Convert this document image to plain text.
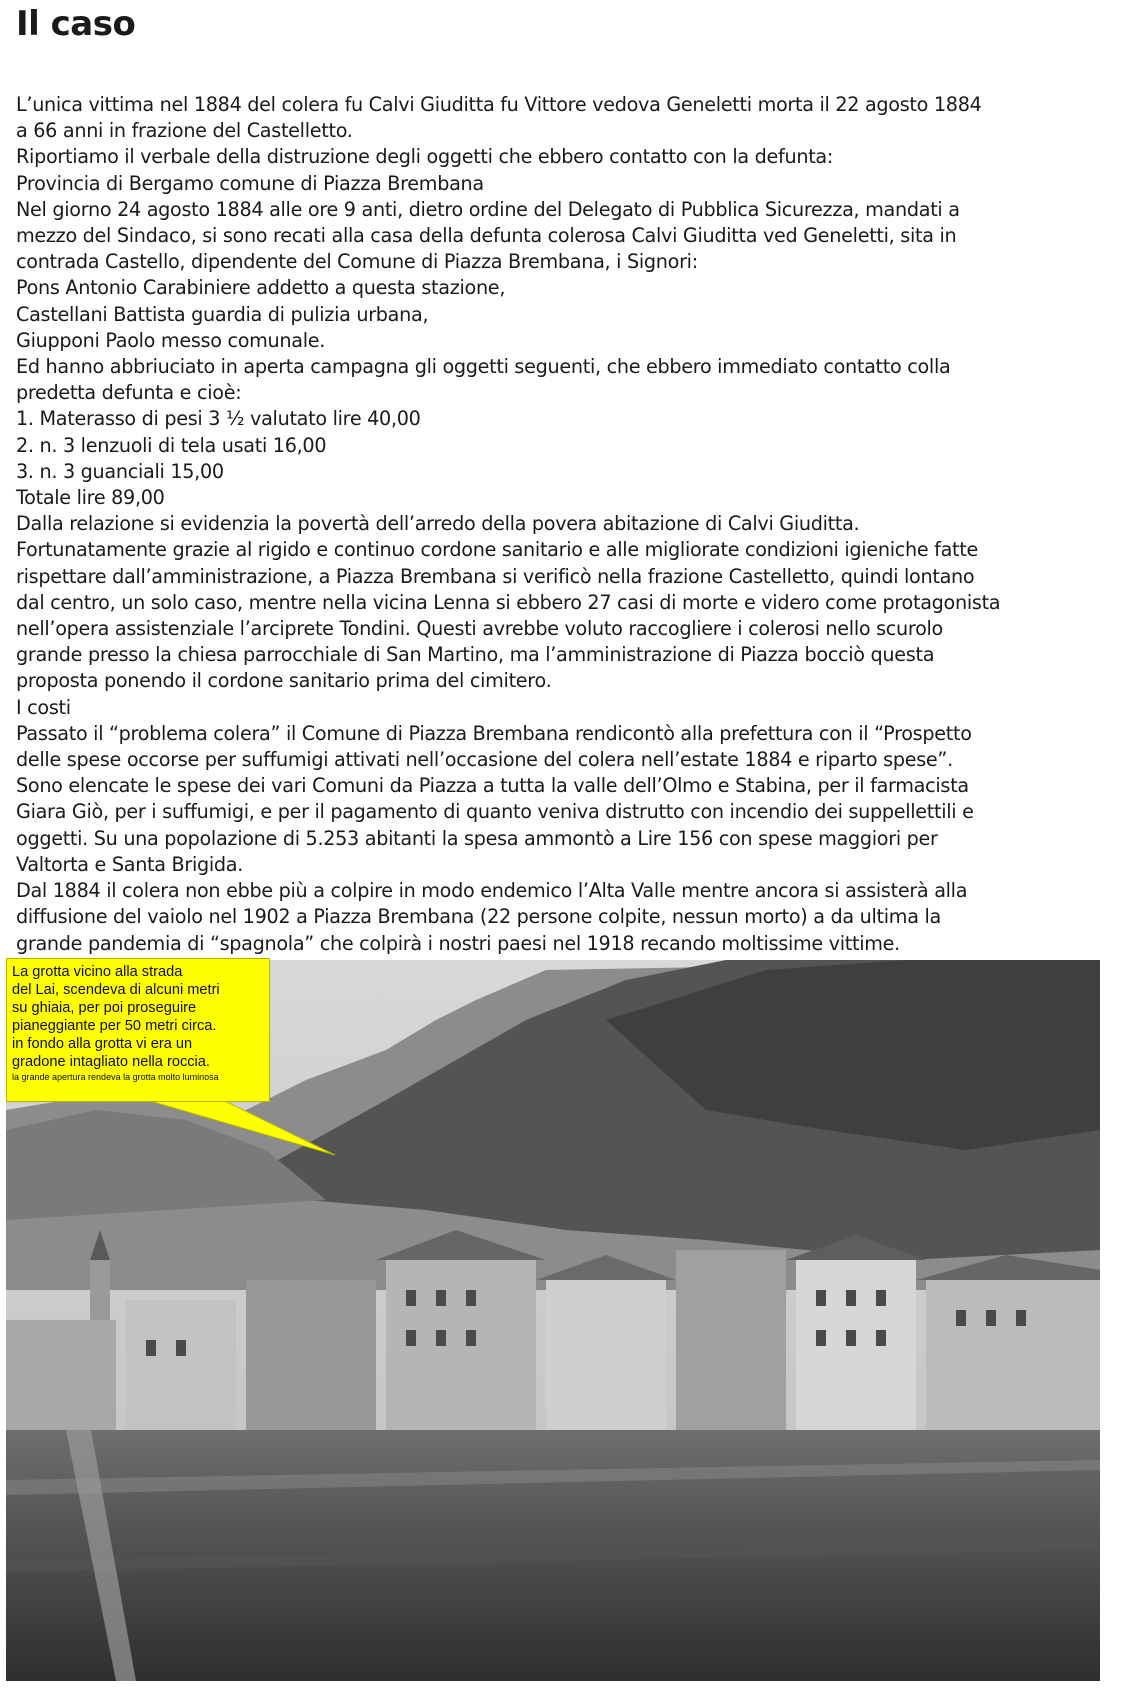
Il caso
L’unica vittima nel 1884 del colera fu Calvi Giuditta fu Vittore vedova Geneletti morta il 22 agosto 1884
a 66 anni in frazione del Castelletto.
Riportiamo il verbale della distruzione degli oggetti che ebbero contatto con la defunta:
Provincia di Bergamo comune di Piazza Brembana
Nel giorno 24 agosto 1884 alle ore 9 anti, dietro ordine del Delegato di Pubblica Sicurezza, mandati a
mezzo del Sindaco, si sono recati alla casa della defunta colerosa Calvi Giuditta ved Geneletti, sita in
contrada Castello, dipendente del Comune di Piazza Brembana, i Signori:
Pons Antonio Carabiniere addetto a questa stazione,
Castellani Battista guardia di pulizia urbana,
Giupponi Paolo messo comunale.
Ed hanno abbriuciato in aperta campagna gli oggetti seguenti, che ebbero immediato contatto colla
predetta defunta e cioè:
1. Materasso di pesi 3 ½ valutato lire 40,00
2. n. 3 lenzuoli di tela usati 16,00
3. n. 3 guanciali 15,00
Totale lire 89,00
Dalla relazione si evidenzia la povertà dell’arredo della povera abitazione di Calvi Giuditta.
Fortunatamente grazie al rigido e continuo cordone sanitario e alle migliorate condizioni igieniche fatte
rispettare dall’amministrazione, a Piazza Brembana si verificò nella frazione Castelletto, quindi lontano
dal centro, un solo caso, mentre nella vicina Lenna si ebbero 27 casi di morte e videro come protagonista
nell’opera assistenziale l’arciprete Tondini. Questi avrebbe voluto raccogliere i colerosi nello scurolo
grande presso la chiesa parrocchiale di San Martino, ma l’amministrazione di Piazza bocciò questa
proposta ponendo il cordone sanitario prima del cimitero.
I costi
Passato il “problema colera” il Comune di Piazza Brembana rendicontò alla prefettura con il “Prospetto
delle spese occorse per suffumigi attivati nell’occasione del colera nell’estate 1884 e riparto spese”.
Sono elencate le spese dei vari Comuni da Piazza a tutta la valle dell’Olmo e Stabina, per il farmacista
Giara Giò, per i suffumigi, e per il pagamento di quanto veniva distrutto con incendio dei suppellettili e
oggetti. Su una popolazione di 5.253 abitanti la spesa ammontò a Lire 156 con spese maggiori per
Valtorta e Santa Brigida.
Dal 1884 il colera non ebbe più a colpire in modo endemico l’Alta Valle mentre ancora si assisterà alla
diffusione del vaiolo nel 1902 a Piazza Brembana (22 persone colpite, nessun morto) a da ultima la
grande pandemia di “spagnola” che colpirà i nostri paesi nel 1918 recando moltissime vittime.
La grotta vicino alla strada
del Lai, scendeva di alcuni metri
su ghiaia, per poi proseguire
pianeggiante per 50 metri circa.
in fondo alla grotta vi era un
gradone intagliato nella roccia.
la grande apertura rendeva la grotta molto luminosa
